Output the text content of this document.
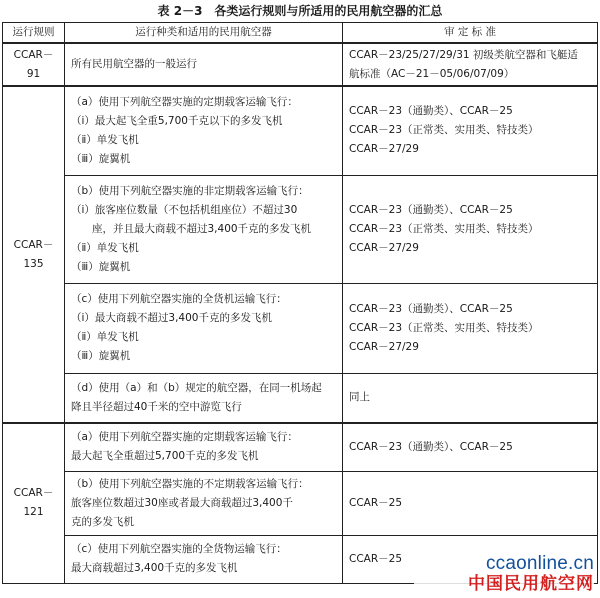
表 2－3　各类运行规则与所适用的民用航空器的汇总
运行规则	运行种类和适用的民用航空器	审 定 标 准
CCAR－91	所有民用航空器的一般运行	CCAR－23/25/27/29/31 初级类航空器和飞艇适
航标准（AC－21－05/06/07/09）

CCAR－135	（a）使用下列航空器实施的定期载客运输飞行：
（ⅰ）最大起飞全重5,700千克以下的多发飞机
（ⅱ）单发飞机
（ⅲ）旋翼机	CCAR－23（通勤类）、CCAR－25
CCAR－23（正常类、实用类、特技类）
CCAR－27/29

	（b）使用下列航空器实施的非定期载客运输飞行：
（ⅰ）旅客座位数量（不包括机组座位）不超过30
　　座，并且最大商载不超过3,400千克的多发飞机
（ⅱ）单发飞机
（ⅲ）旋翼机	CCAR－23（通勤类）、CCAR－25
CCAR－23（正常类、实用类、特技类）
CCAR－27/29

	（c）使用下列航空器实施的全货机运输飞行：
（ⅰ）最大商载不超过3,400千克的多发飞机
（ⅱ）单发飞机
（ⅲ）旋翼机	CCAR－23（通勤类）、CCAR－25
CCAR－23（正常类、实用类、特技类）
CCAR－27/29

	（d）使用（a）和（b）规定的航空器，在同一机场起
降且半径超过40千米的空中游览飞行	同上

CCAR－121	（a）使用下列航空器实施的定期载客运输飞行：
最大起飞全重超过5,700千克的多发飞机	CCAR－23（通勤类）、CCAR－25

	（b）使用下列航空器实施的不定期载客运输飞行：
旅客座位数超过30座或者最大商载超过3,400千
克的多发飞机	CCAR－25

	（c）使用下列航空器实施的全货物运输飞行：
最大商载超过3,400千克的多发飞机	CCAR－25	ccaonline.cn
中国民用航空网
